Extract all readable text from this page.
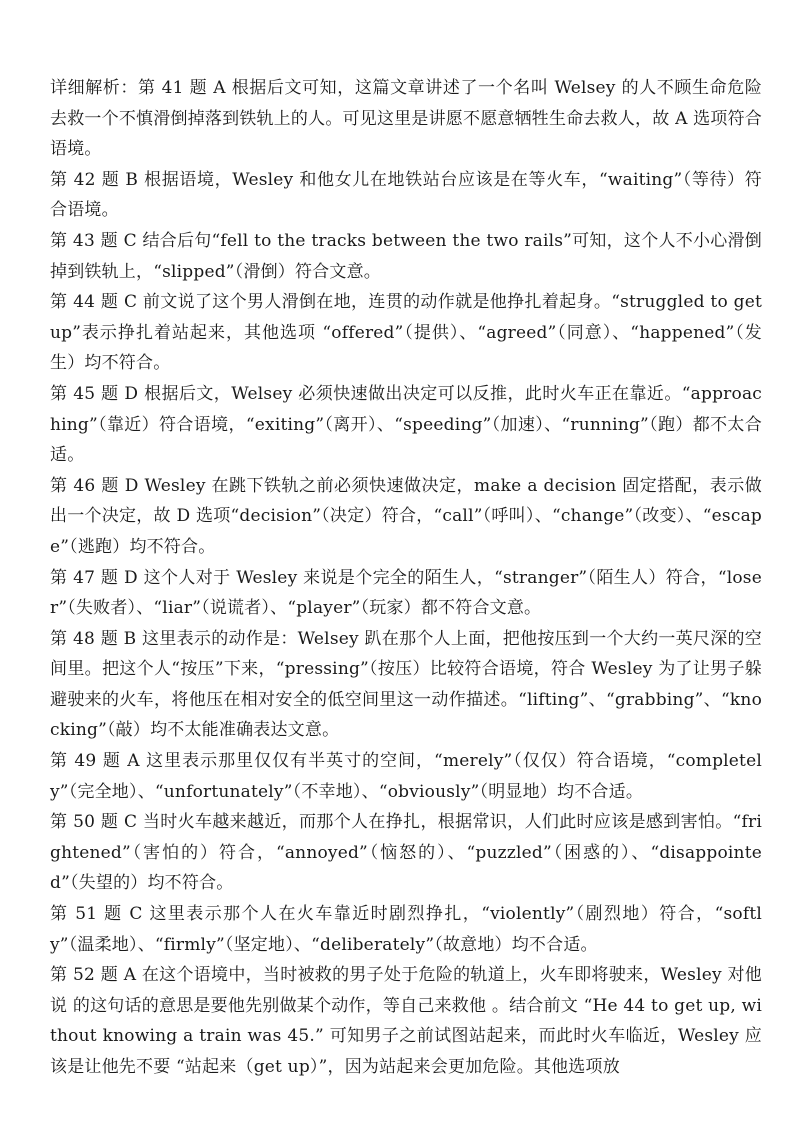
详细解析：第 41 题 A 根据后文可知，这篇文章讲述了一个名叫 Welsey 的人不顾生命危险去救一个不慎滑倒掉落到铁轨上的人。可见这里是讲愿不愿意牺牲生命去救人，故 A 选项符合语境。

第 42 题 B 根据语境，Wesley 和他女儿在地铁站台应该是在等火车，“waiting”（等待）符合语境。

第 43 题 C 结合后句“fell to the tracks between the two rails”可知，这个人不小心滑倒掉到铁轨上，“slipped”（滑倒）符合文意。

第 44 题 C 前文说了这个男人滑倒在地，连贯的动作就是他挣扎着起身。“struggled to get up”表示挣扎着站起来，其他选项 “offered”（提供）、“agreed”（同意）、“happened”（发生）均不符合。

第 45 题 D 根据后文，Welsey 必须快速做出决定可以反推，此时火车正在靠近。“approaching”（靠近）符合语境，“exiting”（离开）、“speeding”（加速）、“running”（跑）都不太合适。

第 46 题 D Wesley 在跳下铁轨之前必须快速做决定，make a decision 固定搭配，表示做出一个决定，故 D 选项“decision”（决定）符合，“call”（呼叫）、“change”（改变）、“escape”（逃跑）均不符合。

第 47 题 D 这个人对于 Wesley 来说是个完全的陌生人，“stranger”（陌生人）符合，“loser”（失败者）、“liar”（说谎者）、“player”（玩家）都不符合文意。

第 48 题 B 这里表示的动作是：Welsey 趴在那个人上面，把他按压到一个大约一英尺深的空间里。把这个人“按压”下来，“pressing”（按压）比较符合语境，符合 Wesley 为了让男子躲避驶来的火车，将他压在相对安全的低空间里这一动作描述。“lifting”、“grabbing”、“knocking”（敲）均不太能准确表达文意。

第 49 题 A 这里表示那里仅仅有半英寸的空间，“merely”（仅仅）符合语境，“completely”（完全地）、“unfortunately”（不幸地）、“obviously”（明显地）均不合适。

第 50 题 C 当时火车越来越近，而那个人在挣扎，根据常识，人们此时应该是感到害怕。“frightened”（害怕的）符合，“annoyed”（恼怒的）、“puzzled”（困惑的）、“disappointed”（失望的）均不符合。

第 51 题 C 这里表示那个人在火车靠近时剧烈挣扎，“violently”（剧烈地）符合，“softly”（温柔地）、“firmly”（坚定地）、“deliberately”（故意地）均不合适。

第 52 题 A 在这个语境中，当时被救的男子处于危险的轨道上，火车即将驶来，Wesley 对他说 的这句话的意思是要他先别做某个动作，等自己来救他 。结合前文 “He 44 to get up, without knowing a train was 45.” 可知男子之前试图站起来，而此时火车临近，Wesley 应该是让他先不要 “站起来（get up）”，因为站起来会更加危险。其他选项放
